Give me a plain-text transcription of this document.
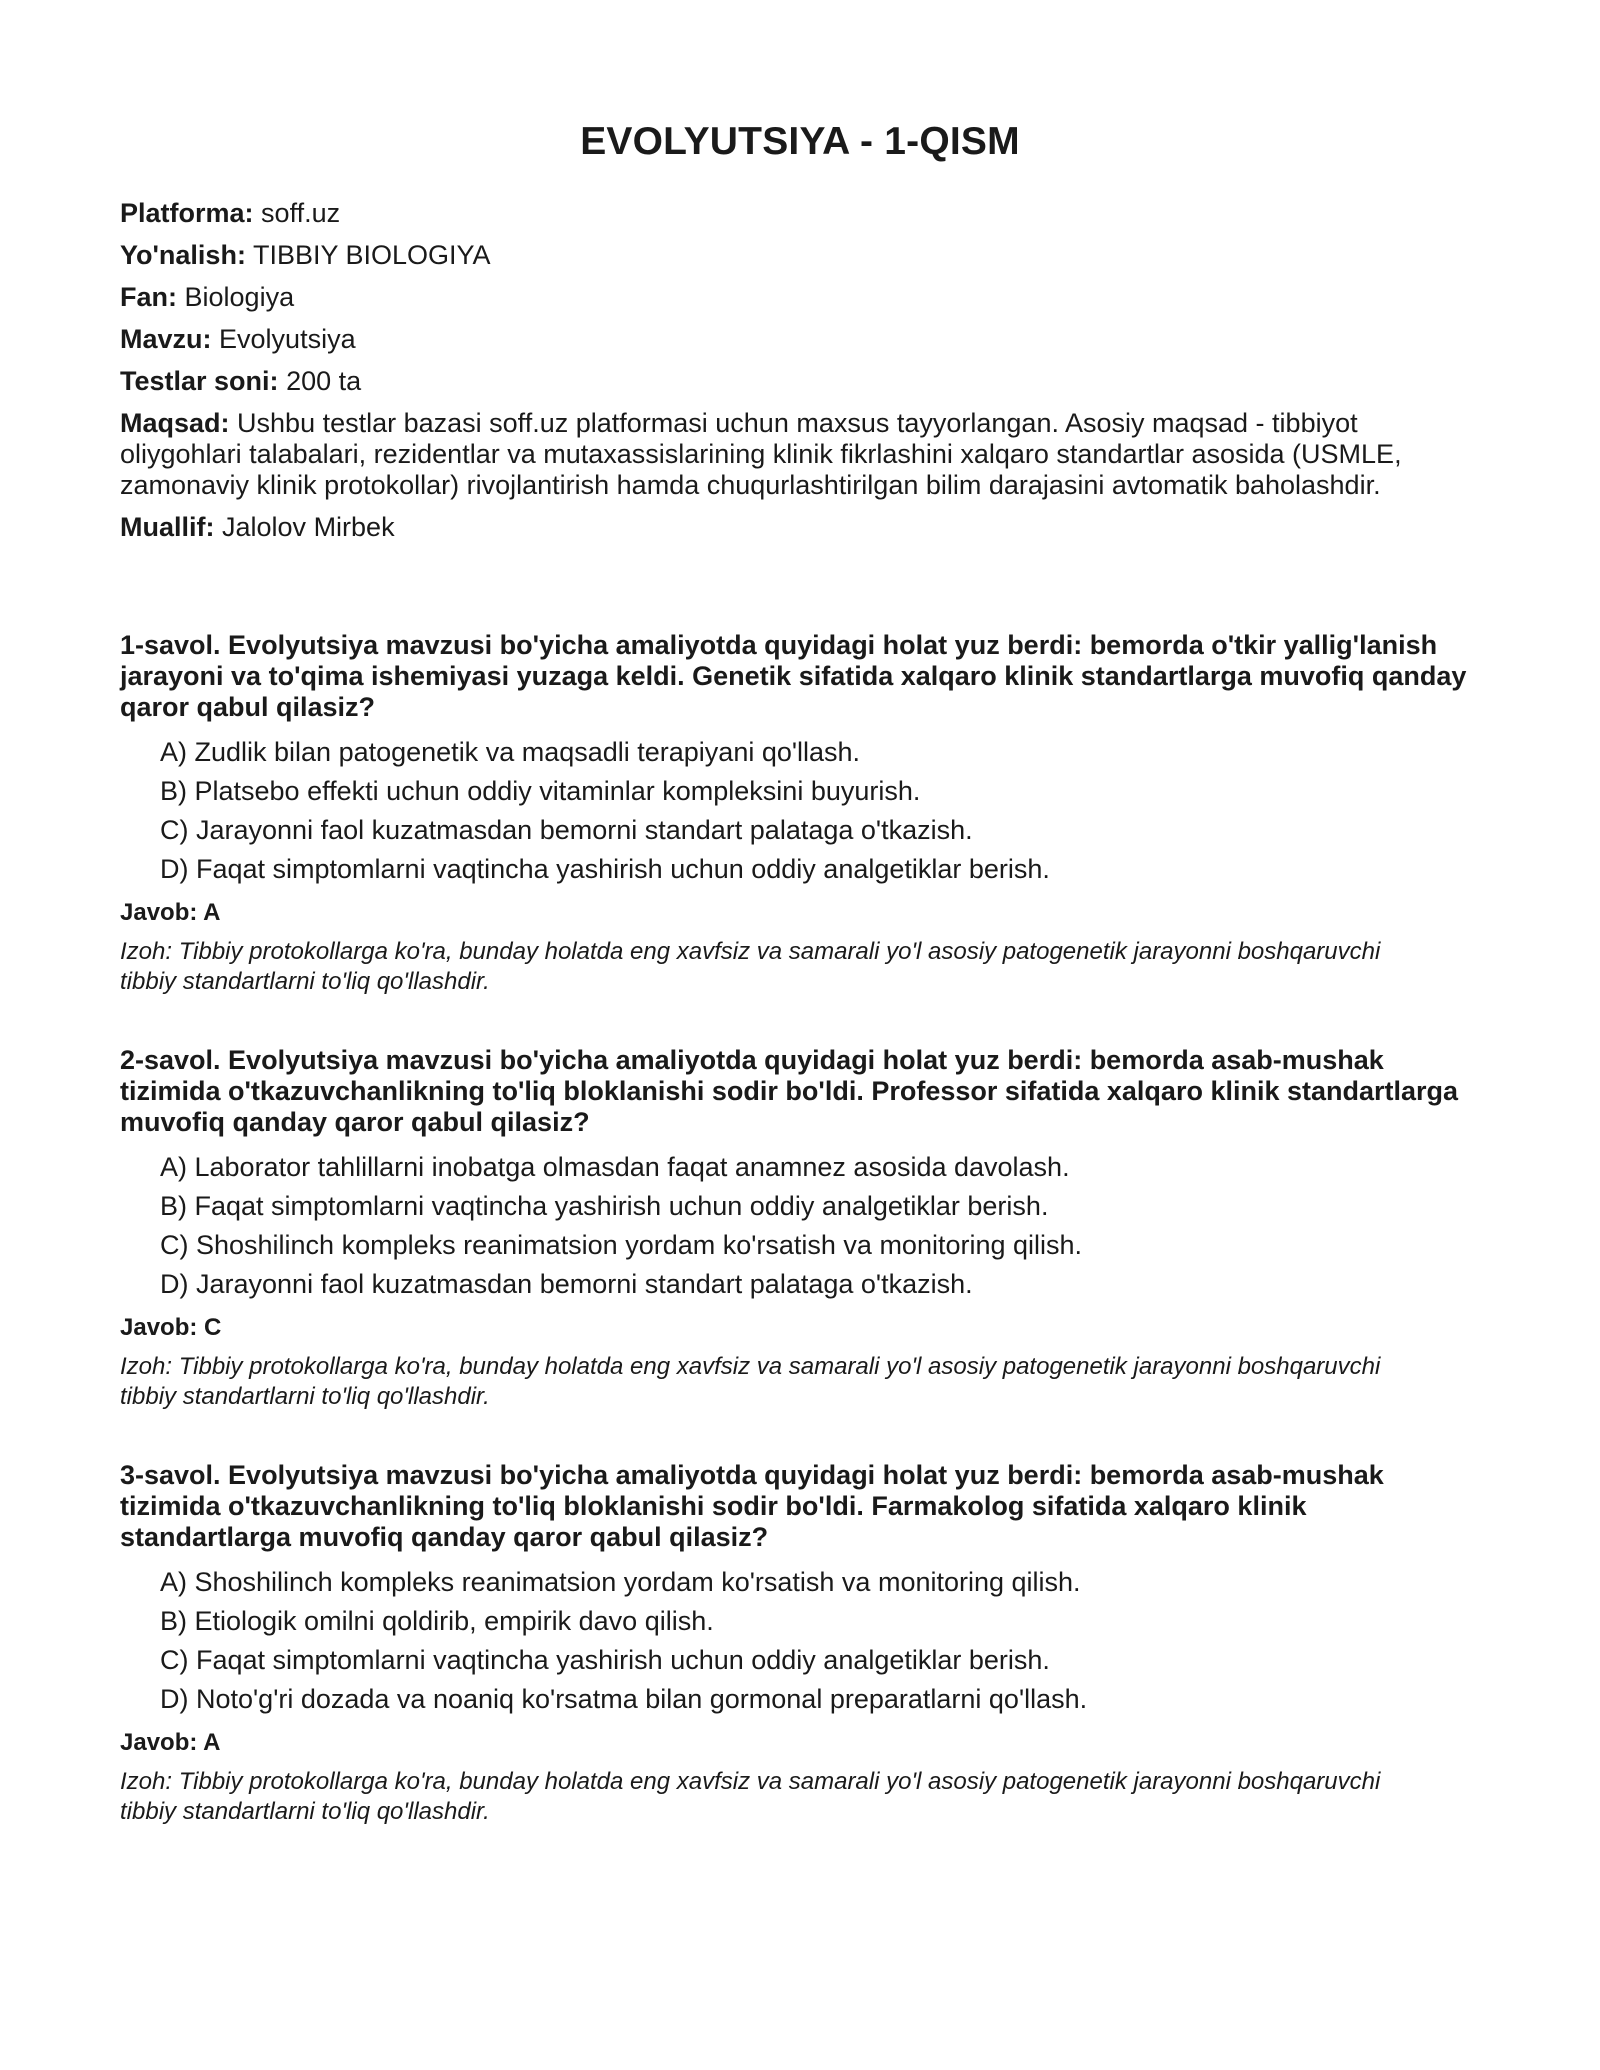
EVOLYUTSIYA - 1-QISM
Platforma: soff.uz
Yo'nalish: TIBBIY BIOLOGIYA
Fan: Biologiya
Mavzu: Evolyutsiya
Testlar soni: 200 ta
Maqsad: Ushbu testlar bazasi soff.uz platformasi uchun maxsus tayyorlangan. Asosiy maqsad - tibbiyot oliygohlari talabalari, rezidentlar va mutaxassislarining klinik fikrlashini xalqaro standartlar asosida (USMLE, zamonaviy klinik protokollar) rivojlantirish hamda chuqurlashtirilgan bilim darajasini avtomatik baholashdir.
Muallif: Jalolov Mirbek
1-savol. Evolyutsiya mavzusi bo'yicha amaliyotda quyidagi holat yuz berdi: bemorda o'tkir yallig'lanish jarayoni va to'qima ishemiyasi yuzaga keldi. Genetik sifatida xalqaro klinik standartlarga muvofiq qanday qaror qabul qilasiz?
A) Zudlik bilan patogenetik va maqsadli terapiyani qo'llash.
B) Platsebo effekti uchun oddiy vitaminlar kompleksini buyurish.
C) Jarayonni faol kuzatmasdan bemorni standart palataga o'tkazish.
D) Faqat simptomlarni vaqtincha yashirish uchun oddiy analgetiklar berish.
Javob: A
Izoh: Tibbiy protokollarga ko'ra, bunday holatda eng xavfsiz va samarali yo'l asosiy patogenetik jarayonni boshqaruvchi tibbiy standartlarni to'liq qo'llashdir.
2-savol. Evolyutsiya mavzusi bo'yicha amaliyotda quyidagi holat yuz berdi: bemorda asab-mushak tizimida o'tkazuvchanlikning to'liq bloklanishi sodir bo'ldi. Professor sifatida xalqaro klinik standartlarga muvofiq qanday qaror qabul qilasiz?
A) Laborator tahlillarni inobatga olmasdan faqat anamnez asosida davolash.
B) Faqat simptomlarni vaqtincha yashirish uchun oddiy analgetiklar berish.
C) Shoshilinch kompleks reanimatsion yordam ko'rsatish va monitoring qilish.
D) Jarayonni faol kuzatmasdan bemorni standart palataga o'tkazish.
Javob: C
Izoh: Tibbiy protokollarga ko'ra, bunday holatda eng xavfsiz va samarali yo'l asosiy patogenetik jarayonni boshqaruvchi tibbiy standartlarni to'liq qo'llashdir.
3-savol. Evolyutsiya mavzusi bo'yicha amaliyotda quyidagi holat yuz berdi: bemorda asab-mushak tizimida o'tkazuvchanlikning to'liq bloklanishi sodir bo'ldi. Farmakolog sifatida xalqaro klinik standartlarga muvofiq qanday qaror qabul qilasiz?
A) Shoshilinch kompleks reanimatsion yordam ko'rsatish va monitoring qilish.
B) Etiologik omilni qoldirib, empirik davo qilish.
C) Faqat simptomlarni vaqtincha yashirish uchun oddiy analgetiklar berish.
D) Noto'g'ri dozada va noaniq ko'rsatma bilan gormonal preparatlarni qo'llash.
Javob: A
Izoh: Tibbiy protokollarga ko'ra, bunday holatda eng xavfsiz va samarali yo'l asosiy patogenetik jarayonni boshqaruvchi tibbiy standartlarni to'liq qo'llashdir.
